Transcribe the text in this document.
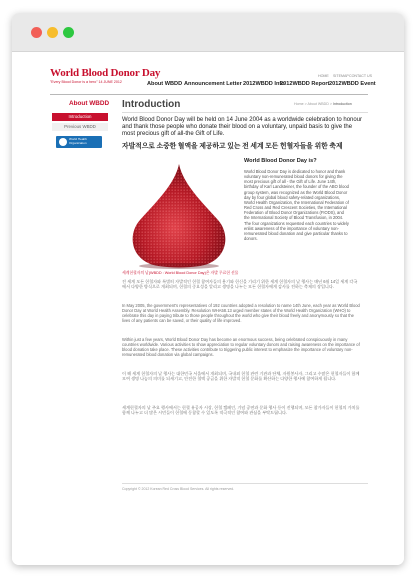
World Blood Donor Day
"Every Blood Donor is a hero" 14 JUNE 2012
HOME SITEMAP CONTACT US
About WBDD Announcement Letter 2012WBDD Info
2012WBDD Report 2012WBDD Event
About WBDD
Introduction
Previous WBDD
World Health
Organization
Introduction	Home > About WBDD > Introduction
World Blood Donor Day will be held on 14 June 2004 as a worldwide celebration to honour and thank those people who donate their blood on a voluntary, unpaid basis to give the most precious gift of all-the Gift of Life.
자발적으로 소중한 혈액을 제공하고 있는 전 세계 모든 헌혈자들을 위한 축제
세계헌혈자의 날(WBDD : World Blood Donor Day)은 자발 무료헌 선물
World Blood Donor Day is?
World Blood Donor Day is dedicated to honor and thank voluntary non-remunerated blood donors for giving the most precious gift of all - the Gift of Life. June 14th, birthday of Karl Landsteiner, the founder of the ABO blood group system, was recognized as the World Blood Donor day by four global blood safety-related organizations, World Health Organization, the International Federation of Red Cross and Red Crescent Societies, the International Federation of Blood Donor Organizations (FIODS), and the International Society of Blood Transfusion, in 2004. The four organizations requested each countries to widely enlist awareness of the importance of voluntary non- remunerated blood donation and give particular thanks to donors.

전 세계 모든 헌혈자와 특별히 자발적인 헌혈 참여자들의 용기와 헌신을 기리기 위한 세계 헌혈자의 날 행사는 매년 6월 14일 세계 각국에서 다양한 방식으로 개최되며, 헌혈의 중요성을 알리고 생명을 나누는 모든 헌혈자에게 감사를 전하는 축제의 장입니다.

In May 2005, the government's representatives of 192 countries adopted a resolution to name 14th June, each year as World Blood Donor Day at World Health Assembly. Resolution WHA58.13 urged member states of the World Health Organization (WHO) to celebrate this day in paying tribute to those people throughout the world who give their blood freely and anonymously so that the lives of any patients can be saved, or their quality of life improved.

Within just a few years, World Blood Donor Day has become an enormous success, being celebrated conspicuously in many countries worldwide. Various activities to show appreciation to regular voluntary donors and raising awareness on the importance of blood donation take place. These activities contribute to triggering public interest to emphasize the importance of voluntary non-remunerated blood donation via global campaigns.

이 해 세계 헌혈자의 날 행사는 대한민국 서울에서 개최되며, 국내외 헌혈 관련 기관과 단체, 자원봉사자, 그리고 수많은 헌혈자들이 함께 모여 생명 나눔의 의미를 되새기고, 안전한 혈액 공급을 위한 자발적 헌혈 문화를 확산하는 다양한 행사에 참여하게 됩니다.

세계헌혈자의 날 주요 행사에서는 헌혈 유공자 시상, 헌혈 캠페인, 기념 공연과 문화 행사 등이 진행되며, 모든 참가자들이 헌혈의 가치를 함께 나누고 더 많은 시민들이 헌혈에 동참할 수 있도록 적극적인 참여와 관심을 부탁드립니다.

Copyright © 2012 Korean Red Cross Blood Services. All rights reserved.
